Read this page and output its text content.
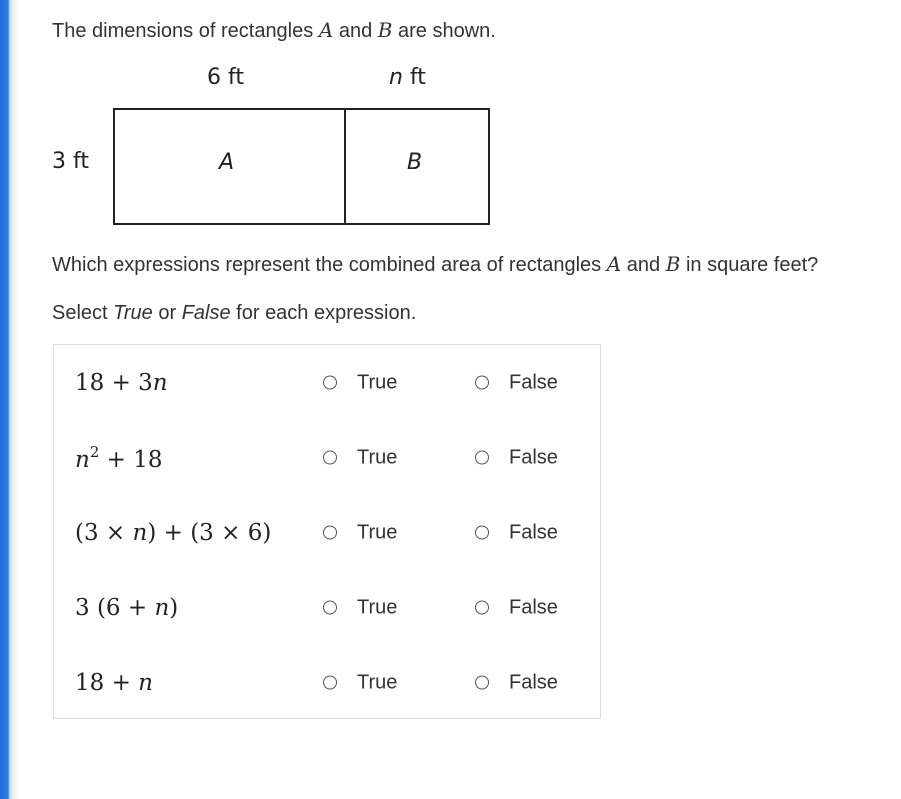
The dimensions of rectangles A and B are shown.

6 ft	n ft
3 ft	A	B

Which expressions represent the combined area of rectangles A and B in square feet?

Select True or False for each expression.

18 + 3n	True	False
$n^2 + 18$	True	False
(3 × n) + (3 × 6)	True	False
3 (6 + n)	True	False
18 + n	True	False
